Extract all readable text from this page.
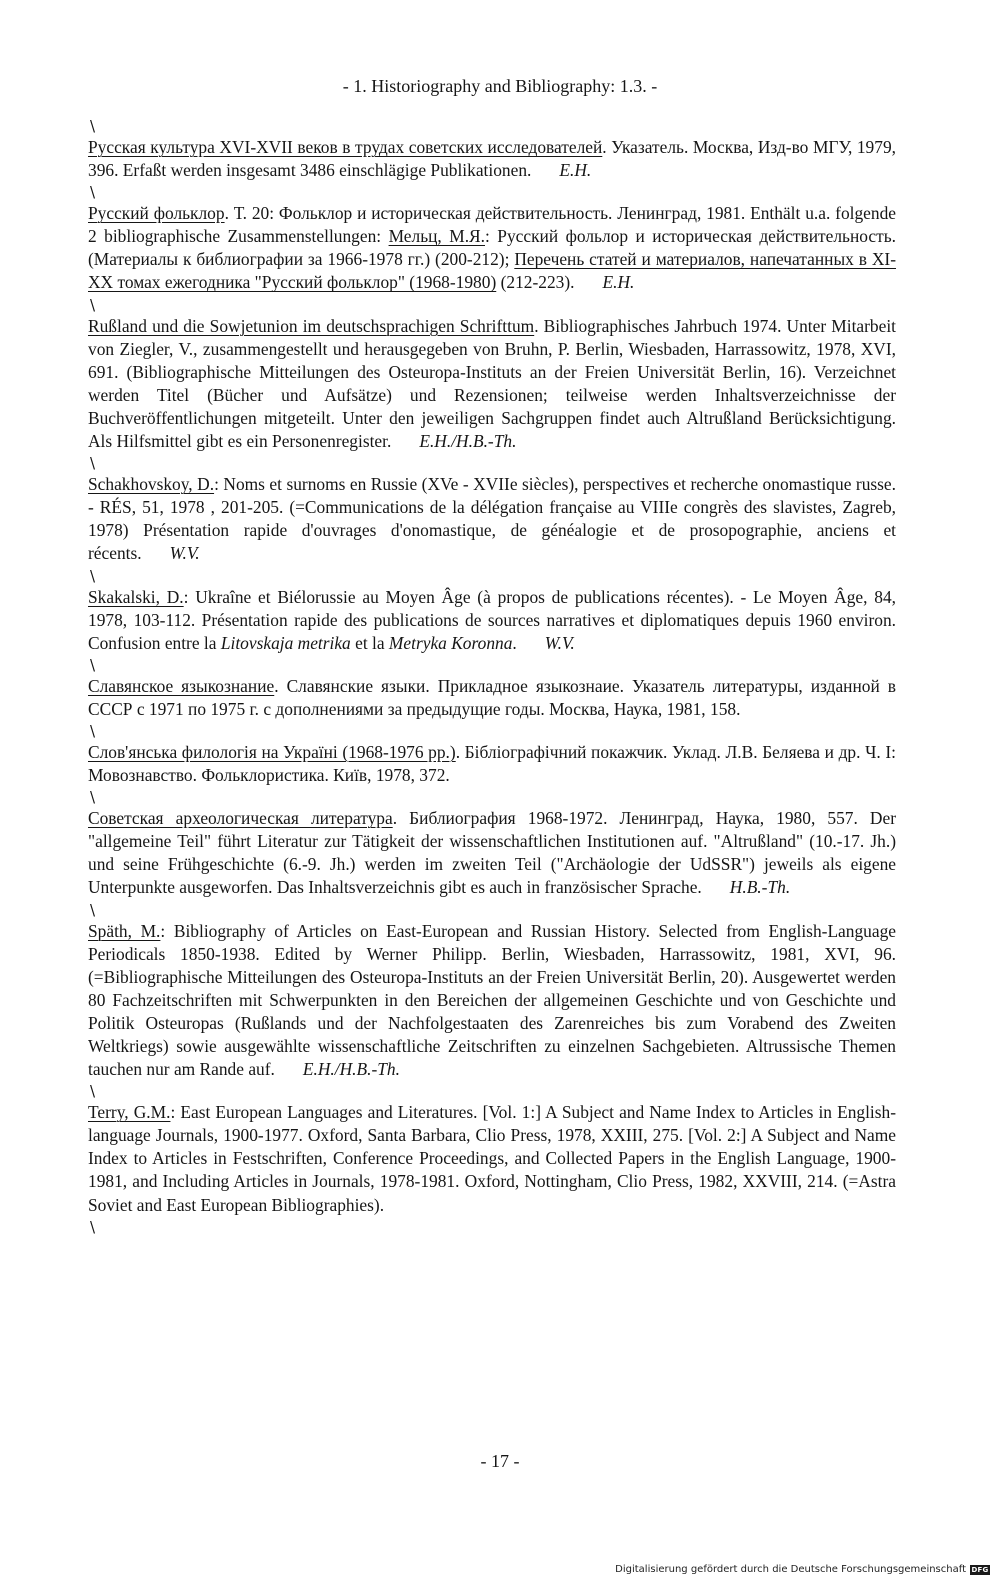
- 1. Historiography and Bibliography: 1.3. -
\
Русская культура XVI-XVII веков в трудах советских исследователей. Указатель. Москва, Изд-во МГУ, 1979, 396. Erfaßt werden insgesamt 3486 einschlägige Publikationen. E.H.
\
Русский фольклор. Т. 20: Фольклор и историческая действительность. Ленинград, 1981. Enthält u.a. folgende 2 bibliographische Zusammenstellungen: Мельц, М.Я.: Русский фольлор и историческая действительность. (Материалы к библиографии за 1966-1978 гг.) (200-212); Перечень статей и материалов, напечатанных в XI-XX томах ежегодника "Русский фольклор" (1968-1980) (212-223). E.H.
\
Rußland und die Sowjetunion im deutschsprachigen Schrifttum. Bibliographisches Jahrbuch 1974. Unter Mitarbeit von Ziegler, V., zusammengestellt und herausgegeben von Bruhn, P. Berlin, Wiesbaden, Harrassowitz, 1978, XVI, 691. (Bibliographische Mitteilungen des Osteuropa-Instituts an der Freien Universität Berlin, 16). Verzeichnet werden Titel (Bücher und Aufsätze) und Rezensionen; teilweise werden Inhaltsverzeichnisse der Buchveröffentlichungen mitgeteilt. Unter den jeweiligen Sachgruppen findet auch Altrußland Berücksichtigung. Als Hilfsmittel gibt es ein Personenregister. E.H./H.B.-Th.
\
Schakhovskoy, D.: Noms et surnoms en Russie (XVe - XVIIe siècles), perspectives et recherche onomastique russe. - RÉS, 51, 1978 , 201-205. (=Communications de la délégation française au VIIIe congrès des slavistes, Zagreb, 1978) Présentation rapide d'ouvrages d'onomastique, de généalogie et de prosopographie, anciens et récents. W.V.
\
Skakalski, D.: Ukraîne et Biélorussie au Moyen Âge (à propos de publications récentes). - Le Moyen Âge, 84, 1978, 103-112. Présentation rapide des publications de sources narratives et diplomatiques depuis 1960 environ. Confusion entre la Litovskaja metrika et la Metryka Koronna. W.V.
\
Славянское языкознание. Славянские языки. Прикладное языкознаие. Указатель литературы, изданной в СССР с 1971 по 1975 г. с дополнениями за предыдущие годы. Москва, Наука, 1981, 158.
\
Слов'янська филологія на Україні (1968-1976 рр.). Бібліографічний покажчик. Уклад. Л.В. Беляева и др. Ч. I: Мовознавство. Фольклористика. Київ, 1978, 372.
\
Советская археологическая литература. Библиография 1968-1972. Ленинград, Наука, 1980, 557. Der "allgemeine Teil" führt Literatur zur Tätigkeit der wissenschaftlichen Institutionen auf. "Altrußland" (10.-17. Jh.) und seine Frühgeschichte (6.-9. Jh.) werden im zweiten Teil ("Archäologie der UdSSR") jeweils als eigene Unterpunkte ausgeworfen. Das Inhaltsverzeichnis gibt es auch in französischer Sprache. H.B.-Th.
\
Späth, M.: Bibliography of Articles on East-European and Russian History. Selected from English-Language Periodicals 1850-1938. Edited by Werner Philipp. Berlin, Wiesbaden, Harrassowitz, 1981, XVI, 96. (=Bibliographische Mitteilungen des Osteuropa-Instituts an der Freien Universität Berlin, 20). Ausgewertet werden 80 Fachzeitschriften mit Schwerpunkten in den Bereichen der allgemeinen Geschichte und von Geschichte und Politik Osteuropas (Rußlands und der Nachfolgestaaten des Zarenreiches bis zum Vorabend des Zweiten Weltkriegs) sowie ausgewählte wissenschaftliche Zeitschriften zu einzelnen Sachgebieten. Altrussische Themen tauchen nur am Rande auf. E.H./H.B.-Th.
\
Terry, G.M.: East European Languages and Literatures. [Vol. 1:] A Subject and Name Index to Articles in English-language Journals, 1900-1977. Oxford, Santa Barbara, Clio Press, 1978, XXIII, 275. [Vol. 2:] A Subject and Name Index to Articles in Festschriften, Conference Proceedings, and Collected Papers in the English Language, 1900-1981, and Including Articles in Journals, 1978-1981. Oxford, Nottingham, Clio Press, 1982, XXVIII, 214. (=Astra Soviet and East European Bibliographies).
\
- 17 -
Digitalisierung gefördert durch die Deutsche Forschungsgemeinschaft DFG
